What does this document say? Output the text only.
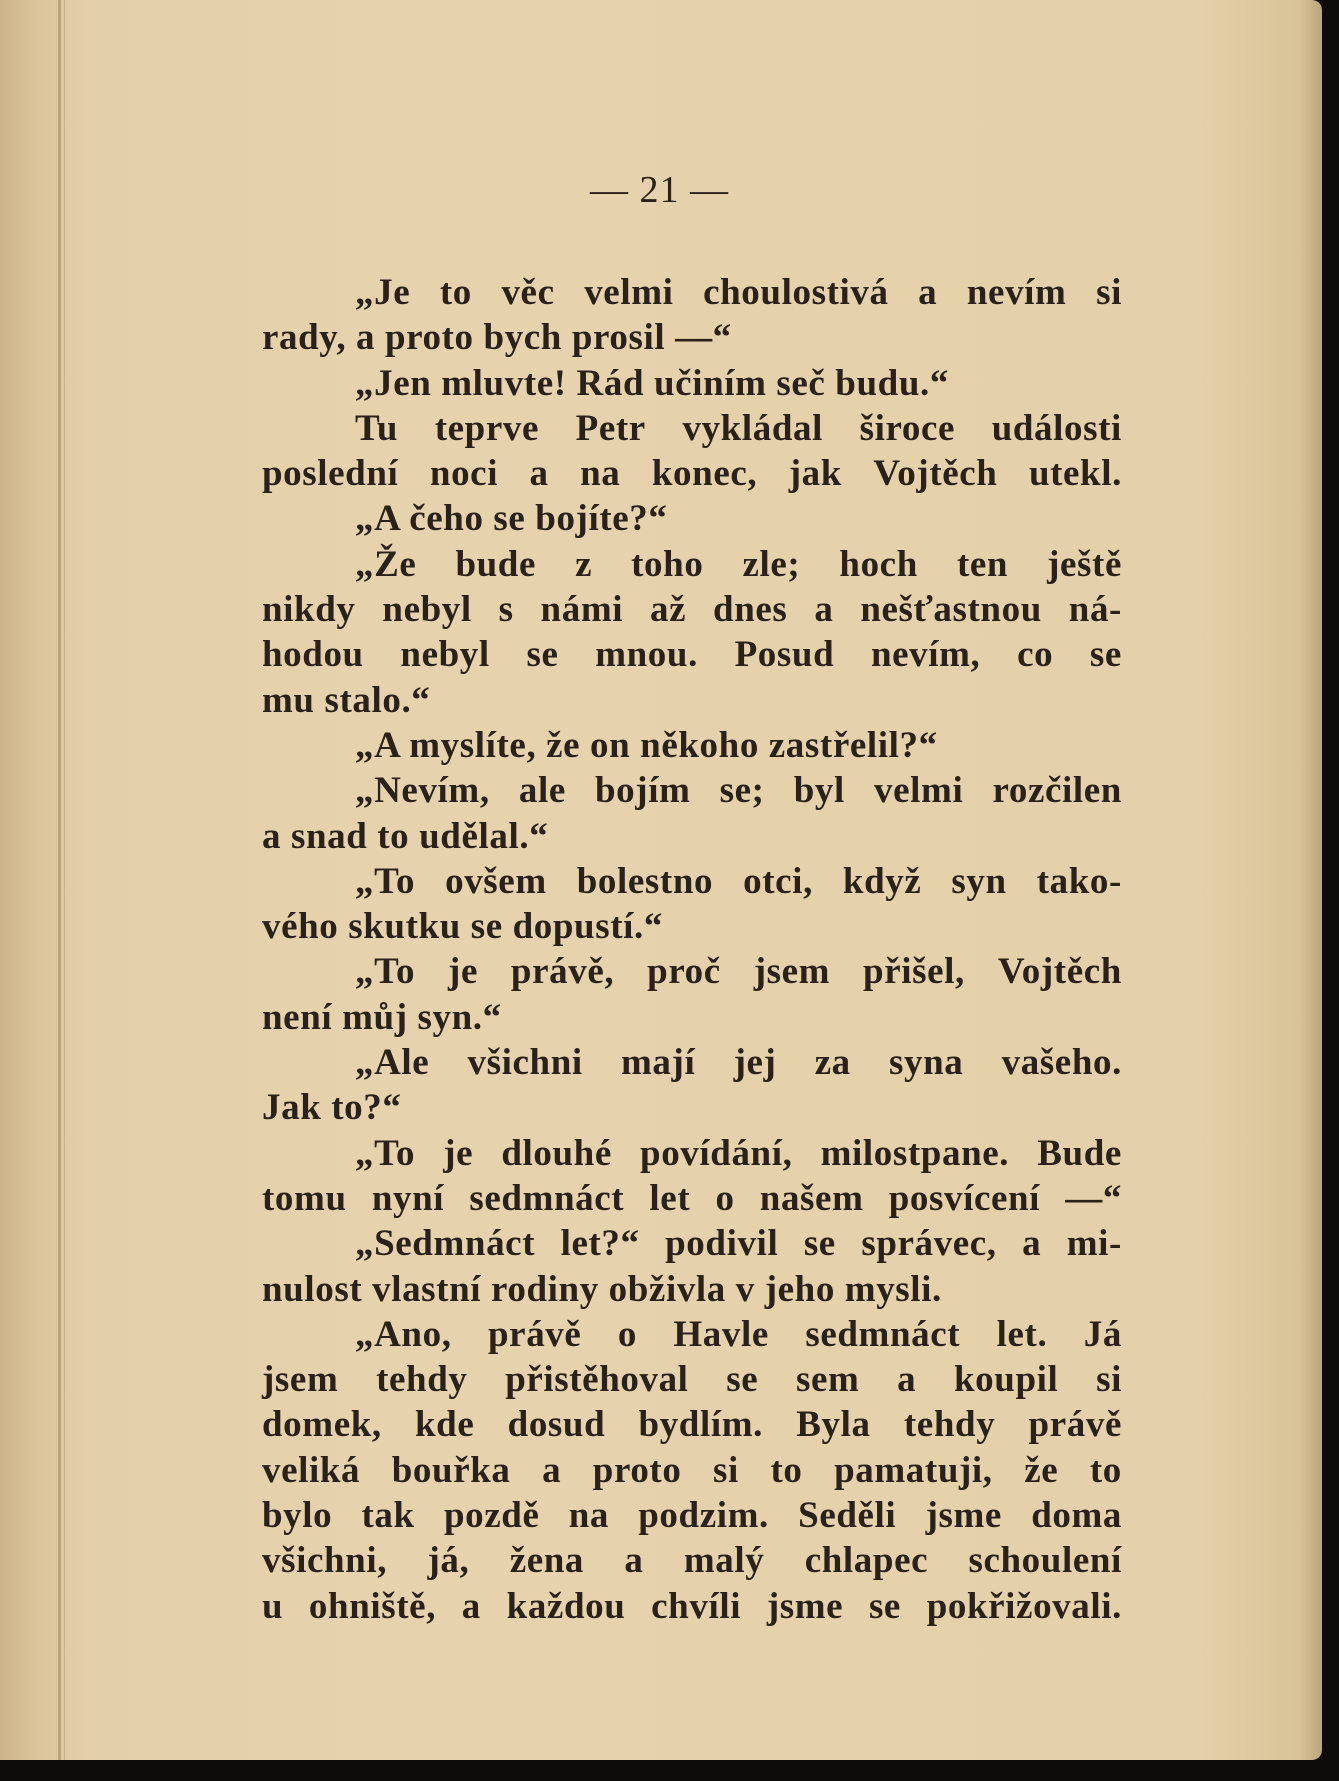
— 21 —
„Je to věc velmi choulostivá a nevím si
rady, a proto bych prosil —“
„Jen mluvte! Rád učiním seč budu.“
Tu teprve Petr vykládal široce události
poslední noci a na konec, jak Vojtěch utekl.
„A čeho se bojíte?“
„Že bude z toho zle; hoch ten ještě
nikdy nebyl s námi až dnes a nešťastnou ná-
hodou nebyl se mnou. Posud nevím, co se
mu stalo.“
„A myslíte, že on někoho zastřelil?“
„Nevím, ale bojím se; byl velmi rozčilen
a snad to udělal.“
„To ovšem bolestno otci, když syn tako-
vého skutku se dopustí.“
„To je právě, proč jsem přišel, Vojtěch
není můj syn.“
„Ale všichni mají jej za syna vašeho.
Jak to?“
„To je dlouhé povídání, milostpane. Bude
tomu nyní sedmnáct let o našem posvícení —“
„Sedmnáct let?“ podivil se správec, a mi-
nulost vlastní rodiny obživla v jeho mysli.
„Ano, právě o Havle sedmnáct let. Já
jsem tehdy přistěhoval se sem a koupil si
domek, kde dosud bydlím. Byla tehdy právě
veliká bouřka a proto si to pamatuji, že to
bylo tak pozdě na podzim. Seděli jsme doma
všichni, já, žena a malý chlapec schoulení
u ohniště, a každou chvíli jsme se pokřižovali.
